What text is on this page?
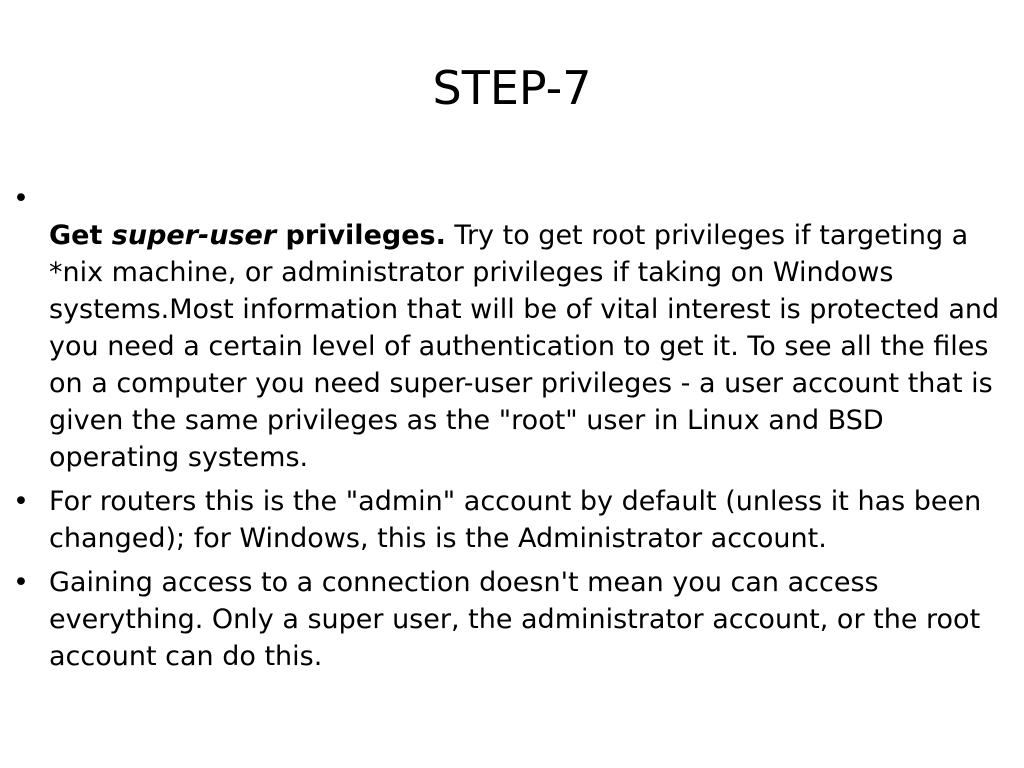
STEP-7
•
Get super-user privileges. Try to get root privileges if targeting a *nix machine, or administrator privileges if taking on Windows systems.Most information that will be of vital interest is protected and you need a certain level of authentication to get it. To see all the files on a computer you need super-user privileges - a user account that is given the same privileges as the "root" user in Linux and BSD operating systems.
• For routers this is the "admin" account by default (unless it has been changed); for Windows, this is the Administrator account.
• Gaining access to a connection doesn't mean you can access everything. Only a super user, the administrator account, or the root account can do this.
